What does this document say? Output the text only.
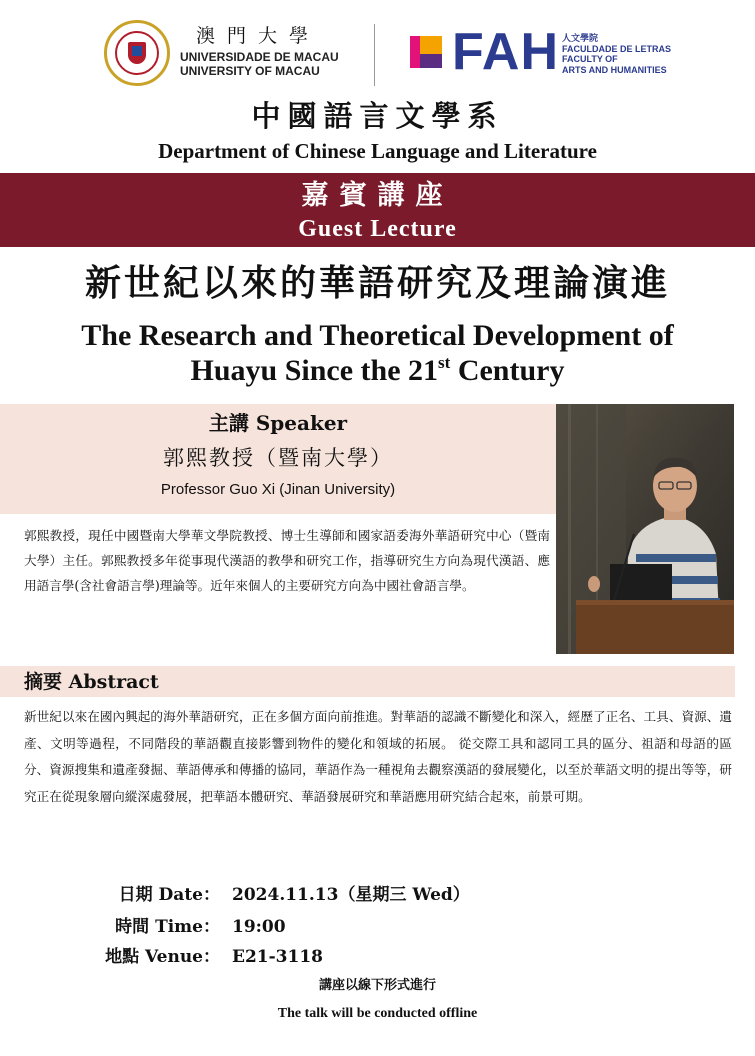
澳門大學
UNIVERSIDADE DE MACAU
UNIVERSITY OF MACAU	FAH 人文學院
FACULDADE DE LETRAS
FACULTY OF
ARTS AND HUMANITIES
中國語言文學系
Department of Chinese Language and Literature
嘉賓講座
Guest Lecture
新世紀以來的華語研究及理論演進
The Research and Theoretical Development of
Huayu Since the 21st Century
主講 Speaker
郭熙教授（暨南大學）
Professor Guo Xi (Jinan University)
郭熙教授，現任中國暨南大學華文學院教授、博士生導師和國家語委海外華語研究中心（暨南大學）主任。郭熙教授多年從事現代漢語的教學和研究工作，指導研究生方向為現代漢語、應用語言學(含社會語言學)理論等。近年來個人的主要研究方向為中國社會語言學。
摘要 Abstract
新世紀以來在國內興起的海外華語研究，正在多個方面向前推進。對華語的認識不斷變化和深入，經歷了正名、工具、資源、遺產、文明等過程，不同階段的華語觀直接影響到物件的變化和領域的拓展。 從交際工具和認同工具的區分、祖語和母語的區分、資源搜集和遺產發掘、華語傳承和傳播的協同，華語作為一種視角去觀察漢語的發展變化，以至於華語文明的提出等等，研究正在從現象層向縱深處發展，把華語本體研究、華語發展研究和華語應用研究結合起來，前景可期。
日期 Date： 2024.11.13（星期三 Wed）
時間 Time： 19:00
地點 Venue： E21-3118
講座以線下形式進行
The talk will be conducted offline
